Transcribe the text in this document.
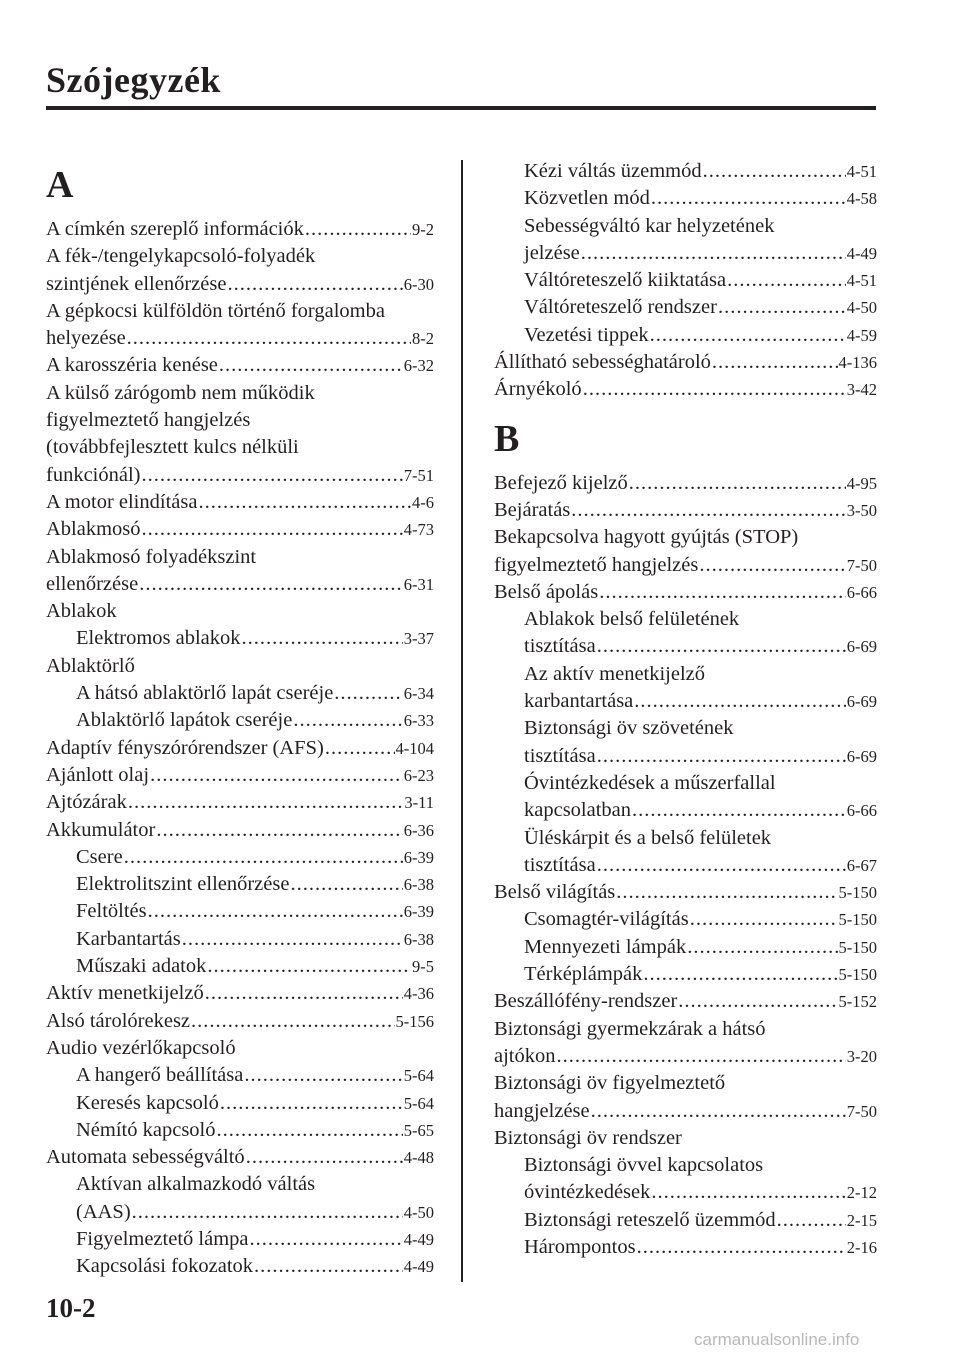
Szójegyzék
A
A címkén szereplő információk .....	9-2
A fék-/tengelykapcsoló-folyadék
szintjének ellenőrzése .....	6-30
A gépkocsi külföldön történő forgalomba
helyezése .....	8-2
A karosszéria kenése .....	6-32
A külső zárógomb nem működik
figyelmeztető hangjelzés
(továbbfejlesztett kulcs nélküli
funkciónál) .....	7-51
A motor elindítása .....	4-6
Ablakmosó .....	4-73
Ablakmosó folyadékszint
ellenőrzése .....	6-31
Ablakok
Elektromos ablakok .....	3-37
Ablaktörlő
A hátsó ablaktörlő lapát cseréje .....	6-34
Ablaktörlő lapátok cseréje .....	6-33
Adaptív fényszórórendszer (AFS) .....	4-104
Ajánlott olaj .....	6-23
Ajtózárak .....	3-11
Akkumulátor .....	6-36
Csere .....	6-39
Elektrolitszint ellenőrzése .....	6-38
Feltöltés .....	6-39
Karbantartás .....	6-38
Műszaki adatok .....	9-5
Aktív menetkijelző .....	4-36
Alsó tárolórekesz .....	5-156
Audio vezérlőkapcsoló
A hangerő beállítása .....	5-64
Keresés kapcsoló .....	5-64
Némító kapcsoló .....	5-65
Automata sebességváltó .....	4-48
Aktívan alkalmazkodó váltás
(AAS) .....	4-50
Figyelmeztető lámpa .....	4-49
Kapcsolási fokozatok .....	4-49
Kézi váltás üzemmód .....	4-51
Közvetlen mód .....	4-58
Sebességváltó kar helyzetének
jelzése .....	4-49
Váltóreteszelő kiiktatása .....	4-51
Váltóreteszelő rendszer .....	4-50
Vezetési tippek .....	4-59
Állítható sebességhatároló .....	4-136
Árnyékoló .....	3-42
B
Befejező kijelző .....	4-95
Bejáratás .....	3-50
Bekapcsolva hagyott gyújtás (STOP)
figyelmeztető hangjelzés .....	7-50
Belső ápolás .....	6-66
Ablakok belső felületének
tisztítása .....	6-69
Az aktív menetkijelző
karbantartása .....	6-69
Biztonsági öv szövetének
tisztítása .....	6-69
Óvintézkedések a műszerfallal
kapcsolatban .....	6-66
Üléskárpit és a belső felületek
tisztítása .....	6-67
Belső világítás .....	5-150
Csomagtér-világítás .....	5-150
Mennyezeti lámpák .....	5-150
Térképlámpák .....	5-150
Beszállófény-rendszer .....	5-152
Biztonsági gyermekzárak a hátsó
ajtókon .....	3-20
Biztonsági öv figyelmeztető
hangjelzése .....	7-50
Biztonsági öv rendszer
Biztonsági övvel kapcsolatos
óvintézkedések .....	2-12
Biztonsági reteszelő üzemmód .....	2-15
Hárompontos .....	2-16
10-2
carmanualsonline.info
